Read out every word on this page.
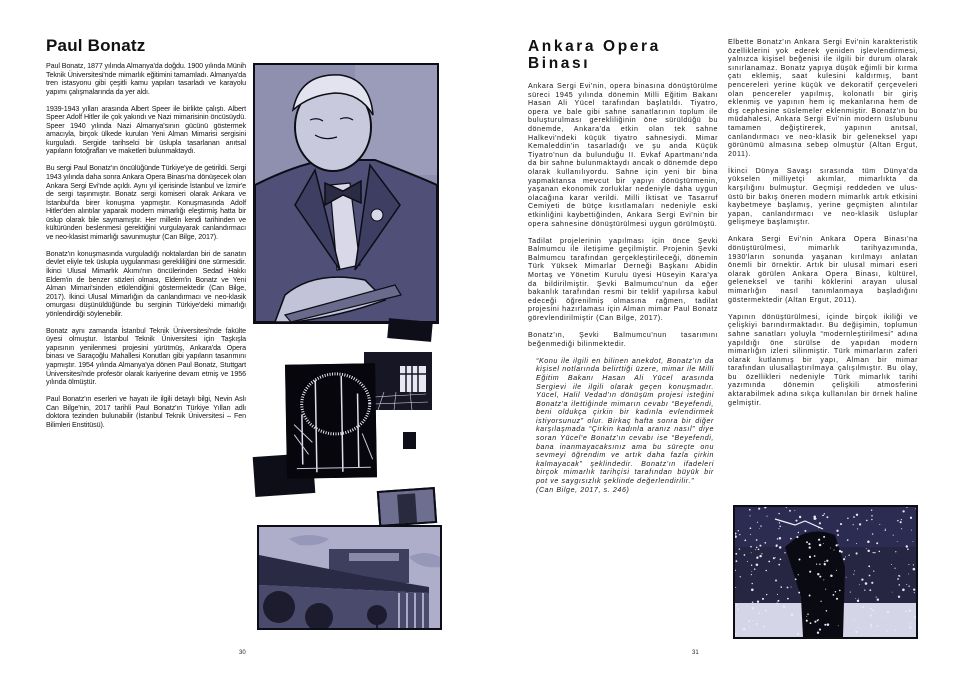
Paul Bonatz

Paul Bonatz, 1877 yılında Almanya'da doğdu. 1900 yılında Münih Teknik Üniversitesi'nde mimarlık eğitimini tamamladı. Almanya'da tren istasyonu gibi çeşitli kamu yapıları tasarladı ve karayolu yapımı çalışmalarında da yer aldı.

1939-1943 yılları arasında Albert Speer ile birlikte çalıştı. Albert Speer Adolf Hitler ile çok yakındı ve Nazi mimarisinin öncüsüydü. Speer 1940 yılında Nazi Almanya'sının gücünü göstermek amacıyla, birçok ülkede kurulan Yeni Alman Mimarisi sergisini kurguladı. Sergide tarihselci bir üslupla tasarlanan anıtsal yapıların fotoğrafları ve maketleri bulunmaktaydı.

Bu sergi Paul Bonatz'ın öncülüğünde Türkiye'ye de getirildi. Sergi 1943 yılında daha sonra Ankara Opera Binası'na dönüşecek olan Ankara Sergi Evi'nde açıldı. Aynı yıl içerisinde İstanbul ve İzmir'e de sergi taşınmıştır. Bonatz sergi komiseri olarak Ankara ve İstanbul'da birer konuşma yapmıştır. Konuşmasında Adolf Hitler'den alıntılar yaparak modern mimarlığı eleştirmiş hatta bir üslup olarak bile saymamıştır. Her milletin kendi tarihinden ve kültüründen beslenmesi gerektiğini vurgulayarak canlandırmacı ve neo-klasist mimarlığı savunmuştur (Can Bilge, 2017).

Bonatz'ın konuşmasında vurguladığı noktalardan biri de sanatın devlet eliyle tek üslupla uygulanması gerekliliğini öne sürmesidir. İkinci Ulusal Mimarlık Akımı'nın öncülerinden Sedad Hakkı Eldem'in de benzer sözleri olması, Eldem'in Bonatz ve Yeni Alman Mimari'sinden etkilendiğini göstermektedir (Can Bilge, 2017). İkinci Ulusal Mimarlığın da canlandırmacı ve neo-klasik omurgası düşünüldüğünde bu serginin Türkiye'deki mimarlığı yönlendirdiği söylenebilir.

Bonatz aynı zamanda İstanbul Teknik Üniversitesi'nde fakülte üyesi olmuştur. İstanbul Teknik Üniversitesi için Taşkışla yapısının yenilenmesi projesini yürütmüş, Ankara'da Opera binası ve Saraçoğlu Mahallesi Konutları gibi yapıların tasarımını yapmıştır. 1954 yılında Almanya'ya dönen Paul Bonatz, Stuttgart Üniversitesi'nde profesör olarak kariyerine devam etmiş ve 1956 yılında ölmüştür.

Paul Bonatz'ın eserleri ve hayatı ile ilgili detaylı bilgi, Nevin Aslı Can Bilge'nin, 2017 tarihli Paul Bonatz'ın Türkiye Yılları adlı doktora tezinden bulunabilir (İstanbul Teknik Üniversitesi – Fen Bilimleri Enstitüsü).

30
Ankara Opera Binası

Ankara Sergi Evi'nin, opera binasına dönüştürülme süreci 1945 yılında dönemin Milli Eğitim Bakanı Hasan Ali Yücel tarafından başlatıldı. Tiyatro, opera ve bale gibi sahne sanatlarının toplum ile buluşturulması gerekliliğinin öne sürüldüğü bu dönemde, Ankara'da etkin olan tek sahne Halkevi'ndeki küçük tiyatro sahnesiydi. Mimar Kemaleddin'in tasarladığı ve şu anda Küçük Tiyatro'nun da bulunduğu II. Evkaf Apartmanı'nda da bir sahne bulunmaktaydı ancak o dönemde depo olarak kullanılıyordu. Sahne için yeni bir bina yapmaktansa mevcut bir yapıyı dönüştürmenin, yaşanan ekonomik zorluklar nedeniyle daha uygun olacağına karar verildi. Milli İktisat ve Tasarruf Cemiyeti de bütçe kısıtlamaları nedeniyle eski etkinliğini kaybettiğinden, Ankara Sergi Evi'nin bir opera sahnesine dönüştürülmesi uygun görülmüştü.

Tadilat projelerinin yapılması için önce Şevki Balmumcu ile iletişime geçilmiştir. Projenin Şevki Balmumcu tarafından gerçekleştirileceği, dönemin Türk Yüksek Mimarlar Derneği Başkanı Abidin Mortaş ve Yönetim Kurulu üyesi Hüseyin Kara'ya da bildirilmiştir. Şevki Balmumcu'nun da eğer bakanlık tarafından resmi bir teklif yapılırsa kabul edeceği öğrenilmiş olmasına rağmen, tadilat projesini hazırlaması için Alman mimar Paul Bonatz görevlendirilmiştir (Can Bilge, 2017).

Bonatz'ın, Şevki Balmumcu'nun tasarımını beğenmediği bilinmektedir.

“Konu ile ilgili en bilinen anekdot, Bonatz'ın da kişisel notlarında belirttiği üzere, mimar ile Milli Eğitim Bakanı Hasan Ali Yücel arasında Sergievi ile ilgili olarak geçen konuşmadır. Yücel, Halil Vedad'ın dönüşüm projesi isteğini Bonatz'a ilettiğinde mimarın cevabı “Beyefendi, beni oldukça çirkin bir kadınla evlendirmek istiyorsunuz” olur. Birkaç hafta sonra bir diğer karşılaşmada “Çirkin kadınla aranız nasıl” diye soran Yücel'e Bonatz'ın cevabı ise “Beyefendi, bana inanmayacaksınız ama bu süreçte onu sevmeyi öğrendim ve artık daha fazla çirkin kalmayacak” şeklindedir. Bonatz'ın ifadeleri birçok mimarlık tarihçisi tarafından büyük bir pot ve saygısızlık şeklinde değerlendirilir.”
(Can Bilge, 2017, s. 246)

Elbette Bonatz'ın Ankara Sergi Evi'nin karakteristik özelliklerini yok ederek yeniden işlevlendirmesi, yalnızca kişisel beğenisi ile ilgili bir durum olarak sınırlanamaz. Bonatz yapıya düşük eğimli bir kırma çatı eklemiş, saat kulesini kaldırmış, bant pencereleri yerine küçük ve dekoratif çerçeveleri olan pencereler yapılmış, kolonatlı bir giriş eklenmiş ve yapının hem iç mekanlarına hem de dış cephesine süslemeler eklenmiştir. Bonatz'ın bu müdahalesi, Ankara Sergi Evi'nin modern üslubunu tamamen değiştirerek, yapının anıtsal, canlandırmacı ve neo-klasik bir geleneksel yapı görünümü almasına sebep olmuştur (Altan Ergut, 2011).

İkinci Dünya Savaşı sırasında tüm Dünya'da yükselen milliyetçi akımlar, mimarlıkta da karşılığını bulmuştur. Geçmişi reddeden ve ulus-üstü bir bakış öneren modern mimarlık artık etkisini kaybetmeye başlamış, yerine geçmişten alıntılar yapan, canlandırmacı ve neo-klasik üsluplar gelişmeye başlamıştır.

Ankara Sergi Evi'nin Ankara Opera Binası'na dönüştürülmesi, mimarlık tarihyazımında, 1930'ların sonunda yaşanan kırılmayı anlatan önemli bir örnektir. Artık bir ulusal mimari eseri olarak görülen Ankara Opera Binası, kültürel, geleneksel ve tarihi köklerini arayan ulusal mimarlığın nasıl tanımlanmaya başladığını göstermektedir (Altan Ergut, 2011).

Yapının dönüştürülmesi, içinde birçok ikiliği ve çelişkiyi barındırmaktadır. Bu değişimin, toplumun sahne sanatları yoluyla “modernleştirilmesi” adına yapıldığı öne sürülse de yapıdan modern mimarlığın izleri silinmiştir. Türk mimarların zaferi olarak kutlanmış bir yapı, Alman bir mimar tarafından ulusallaştırılmaya çalışılmıştır. Bu olay, bu özellikleri nedeniyle Türk mimarlık tarihi yazımında dönemin çelişkili atmosferini aktarabilmek adına sıkça kullanılan bir örnek haline gelmiştir.

31
